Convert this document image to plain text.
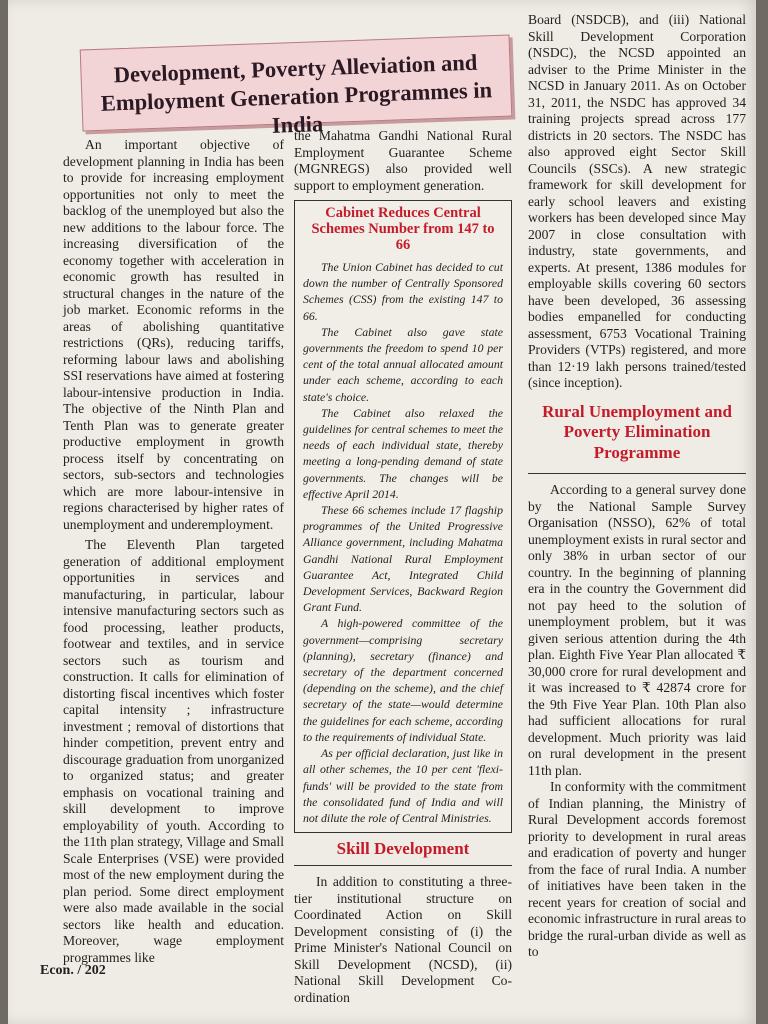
Development, Poverty Alleviation and Employment Generation Programmes in India

An important objective of development planning in India has been to provide for increasing employment opportunities not only to meet the backlog of the unemployed but also the new additions to the labour force. The increasing diversification of the economy together with acceleration in economic growth has resulted in structural changes in the nature of the job market. Economic reforms in the areas of abolishing quantitative restrictions (QRs), reducing tariffs, reforming labour laws and abolishing SSI reservations have aimed at fostering labour-intensive production in India. The objective of the Ninth Plan and Tenth Plan was to generate greater productive employment in growth process itself by concentrating on sectors, sub-sectors and technologies which are more labour-intensive in regions characterised by higher rates of unemployment and underemployment.

The Eleventh Plan targeted generation of additional employment opportunities in services and manufacturing, in particular, labour intensive manufacturing sectors such as food processing, leather products, footwear and textiles, and in service sectors such as tourism and construction. It calls for elimination of distorting fiscal incentives which foster capital intensity ; infrastructure investment ; removal of distortions that hinder competition, prevent entry and discourage graduation from unorganized to organized status; and greater emphasis on vocational training and skill development to improve employability of youth. According to the 11th plan strategy, Village and Small Scale Enterprises (VSE) were provided most of the new employment during the plan period. Some direct employment were also made available in the social sectors like health and education. Moreover, wage employment programmes like

the Mahatma Gandhi National Rural Employment Guarantee Scheme (MGNREGS) also provided well support to employment generation.

Cabinet Reduces Central Schemes Number from 147 to 66

The Union Cabinet has decided to cut down the number of Centrally Sponsored Schemes (CSS) from the existing 147 to 66.

The Cabinet also gave state governments the freedom to spend 10 per cent of the total annual allocated amount under each scheme, according to each state's choice.

The Cabinet also relaxed the guidelines for central schemes to meet the needs of each individual state, thereby meeting a long-pending demand of state governments. The changes will be effective April 2014.

These 66 schemes include 17 flagship programmes of the United Progressive Alliance government, including Mahatma Gandhi National Rural Employment Guarantee Act, Integrated Child Development Services, Backward Region Grant Fund.

A high-powered committee of the government—comprising secretary (planning), secretary (finance) and secretary of the department concerned (depending on the scheme), and the chief secretary of the state—would determine the guidelines for each scheme, according to the requirements of individual State.

As per official declaration, just like in all other schemes, the 10 per cent 'flexi-funds' will be provided to the state from the consolidated fund of India and will not dilute the role of Central Ministries.

Skill Development

In addition to constituting a three-tier institutional structure on Coordinated Action on Skill Development consisting of (i) the Prime Minister's National Council on Skill Development (NCSD), (ii) National Skill Development Co-ordination

Board (NSDCB), and (iii) National Skill Development Corporation (NSDC), the NCSD appointed an adviser to the Prime Minister in the NCSD in January 2011. As on October 31, 2011, the NSDC has approved 34 training projects spread across 177 districts in 20 sectors. The NSDC has also approved eight Sector Skill Councils (SSCs). A new strategic framework for skill development for early school leavers and existing workers has been developed since May 2007 in close consultation with industry, state governments, and experts. At present, 1386 modules for employable skills covering 60 sectors have been developed, 36 assessing bodies empanelled for conducting assessment, 6753 Vocational Training Providers (VTPs) registered, and more than 12·19 lakh persons trained/tested (since inception).

Rural Unemployment and Poverty Elimination Programme

According to a general survey done by the National Sample Survey Organisation (NSSO), 62% of total unemployment exists in rural sector and only 38% in urban sector of our country. In the beginning of planning era in the country the Government did not pay heed to the solution of unemployment problem, but it was given serious attention during the 4th plan. Eighth Five Year Plan allocated ₹ 30,000 crore for rural development and it was increased to ₹ 42874 crore for the 9th Five Year Plan. 10th Plan also had sufficient allocations for rural development. Much priority was laid on rural development in the present 11th plan.

In conformity with the commitment of Indian planning, the Ministry of Rural Development accords foremost priority to development in rural areas and eradication of poverty and hunger from the face of rural India. A number of initiatives have been taken in the recent years for creation of social and economic infrastructure in rural areas to bridge the rural-urban divide as well as to

Econ. / 202
